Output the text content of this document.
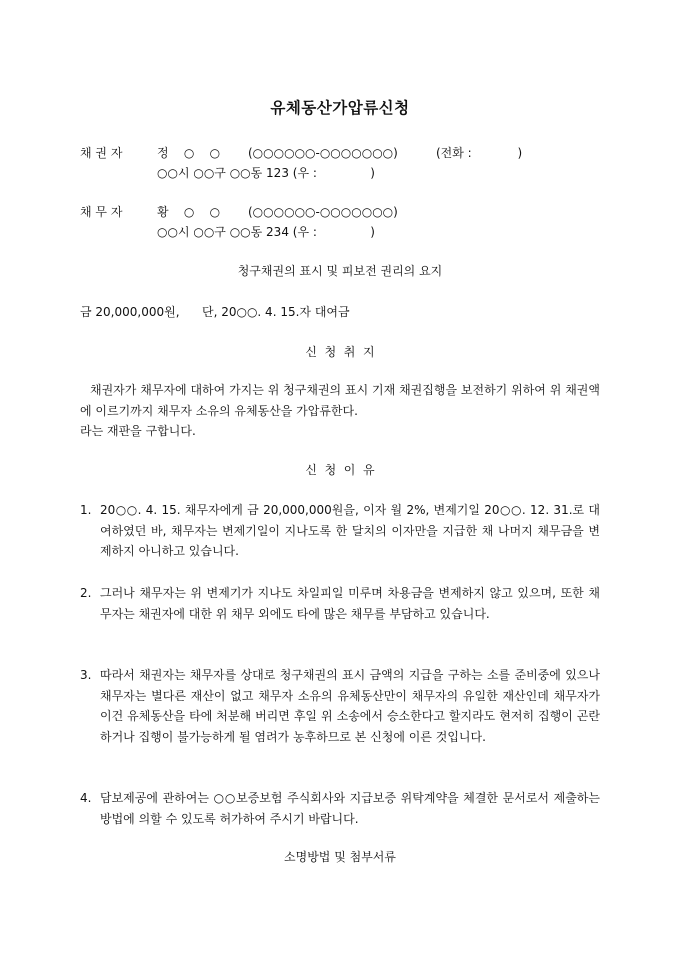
유체동산가압류신청
채 권 자	정    ○    ○ (○○○○○○-○○○○○○○)	(전화 :            )
○○시 ○○구 ○○동 123 (우 :              )
채 무 자	황    ○    ○ (○○○○○○-○○○○○○○)
○○시 ○○구 ○○동 234 (우 :              )
청구채권의 표시 및 피보전 권리의 요지
금 20,000,000원, 단, 20○○. 4. 15.자 대여금
신  청  취  지

채권자가 채무자에 대하여 가지는 위 청구채권의 표시 기재 채권집행을 보전하기 위하여 위 채권액에 이르기까지 채무자 소유의 유체동산을 가압류한다.

라는 재판을 구합니다.

신  청  이  유
1. 20○○. 4. 15. 채무자에게 금 20,000,000원을, 이자 월 2%, 변제기일 20○○. 12. 31.로 대여하였던 바, 채무자는 변제기일이 지나도록 한 달치의 이자만을 지급한 채 나머지 채무금을 변제하지 아니하고 있습니다.
2. 그러나 채무자는 위 변제기가 지나도 차일피일 미루며 차용금을 변제하지 않고 있으며, 또한 채무자는 채권자에 대한 위 채무 외에도 타에 많은 채무를 부담하고 있습니다.
3. 따라서 채권자는 채무자를 상대로 청구채권의 표시 금액의 지급을 구하는 소를 준비중에 있으나 채무자는 별다른 재산이 없고 채무자 소유의 유체동산만이 채무자의 유일한 재산인데 채무자가 이건 유체동산을 타에 처분해 버리면 후일 위 소송에서 승소한다고 할지라도 현저히 집행이 곤란하거나 집행이 불가능하게 될 염려가 농후하므로 본 신청에 이른 것입니다.
4. 담보제공에 관하여는 ○○보증보험 주식회사와 지급보증 위탁계약을 체결한 문서로서 제출하는 방법에 의할 수 있도록 허가하여 주시기 바랍니다.
소명방법 및 첨부서류
